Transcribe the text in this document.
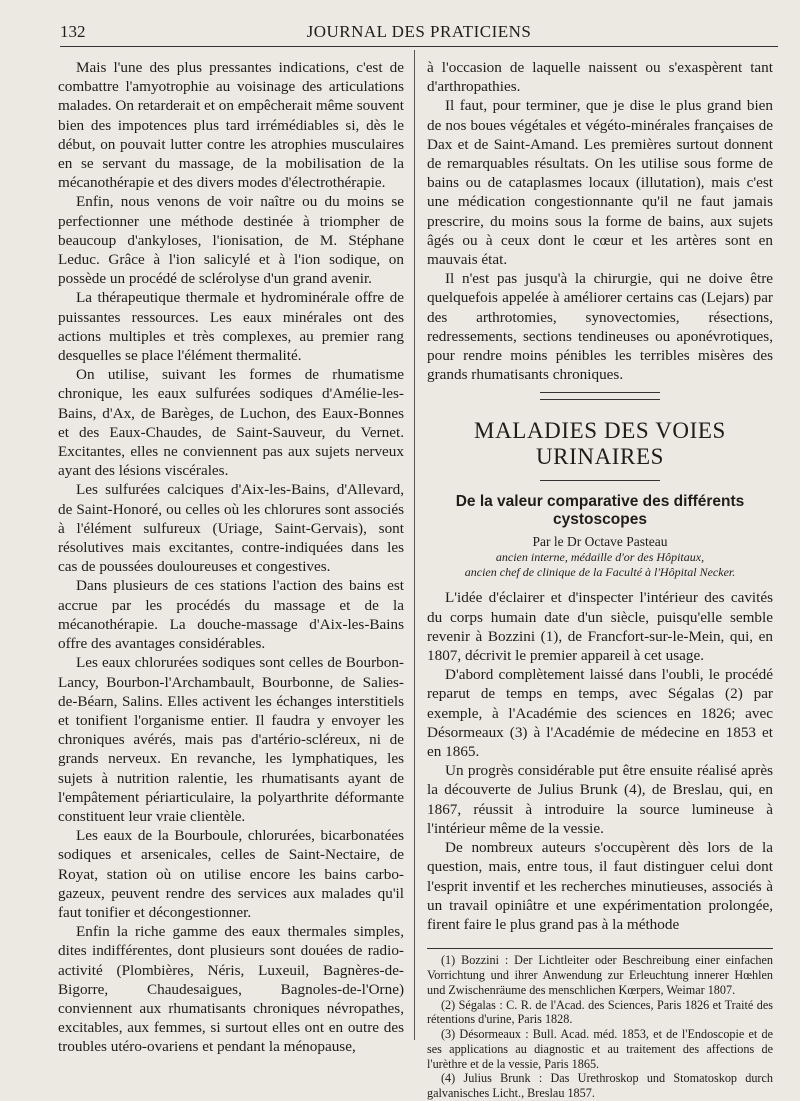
132	JOURNAL DES PRATICIENS

Mais l'une des plus pressantes indications, c'est de combattre l'amyotrophie au voisinage des articulations malades. On retarderait et on empêcherait même souvent bien des impotences plus tard irrémédiables si, dès le début, on pouvait lutter contre les atrophies musculaires en se servant du massage, de la mobilisation de la mécanothérapie et des divers modes d'électrothérapie.

Enfin, nous venons de voir naître ou du moins se perfectionner une méthode destinée à triompher de beaucoup d'ankyloses, l'ionisation, de M. Stéphane Leduc. Grâce à l'ion salicylé et à l'ion sodique, on possède un procédé de sclérolyse d'un grand avenir.

La thérapeutique thermale et hydrominérale offre de puissantes ressources. Les eaux minérales ont des actions multiples et très complexes, au premier rang desquelles se place l'élément thermalité.

On utilise, suivant les formes de rhumatisme chronique, les eaux sulfurées sodiques d'Amélie-les-Bains, d'Ax, de Barèges, de Luchon, des Eaux-Bonnes et des Eaux-Chaudes, de Saint-Sauveur, du Vernet. Excitantes, elles ne conviennent pas aux sujets nerveux ayant des lésions viscérales.

Les sulfurées calciques d'Aix-les-Bains, d'Allevard, de Saint-Honoré, ou celles où les chlorures sont associés à l'élément sulfureux (Uriage, Saint-Gervais), sont résolutives mais excitantes, contre-indiquées dans les cas de poussées douloureuses et congestives.

Dans plusieurs de ces stations l'action des bains est accrue par les procédés du massage et de la mécanothérapie. La douche-massage d'Aix-les-Bains offre des avantages considérables.

Les eaux chlorurées sodiques sont celles de Bourbon-Lancy, Bourbon-l'Archambault, Bourbonne, de Salies-de-Béarn, Salins. Elles activent les échanges interstitiels et tonifient l'organisme entier. Il faudra y envoyer les chroniques avérés, mais pas d'artério-scléreux, ni de grands nerveux. En revanche, les lymphatiques, les sujets à nutrition ralentie, les rhumatisants ayant de l'empâtement périarticulaire, la polyarthrite déformante constituent leur vraie clientèle.

Les eaux de la Bourboule, chlorurées, bicarbonatées sodiques et arsenicales, celles de Saint-Nectaire, de Royat, station où on utilise encore les bains carbo-gazeux, peuvent rendre des services aux malades qu'il faut tonifier et décongestionner.

Enfin la riche gamme des eaux thermales simples, dites indifférentes, dont plusieurs sont douées de radio-activité (Plombières, Néris, Luxeuil, Bagnères-de-Bigorre, Chaudesaigues, Bagnoles-de-l'Orne) conviennent aux rhumatisants chroniques névropathes, excitables, aux femmes, si surtout elles ont en outre des troubles utéro-ovariens et pendant la ménopause,

à l'occasion de laquelle naissent ou s'exaspèrent tant d'arthropathies.

Il faut, pour terminer, que je dise le plus grand bien de nos boues végétales et végéto-minérales françaises de Dax et de Saint-Amand. Les premières surtout donnent de remarquables résultats. On les utilise sous forme de bains ou de cataplasmes locaux (illutation), mais c'est une médication congestionnante qu'il ne faut jamais prescrire, du moins sous la forme de bains, aux sujets âgés ou à ceux dont le cœur et les artères sont en mauvais état.

Il n'est pas jusqu'à la chirurgie, qui ne doive être quelquefois appelée à améliorer certains cas (Lejars) par des arthrotomies, synovectomies, résections, redressements, sections tendineuses ou aponévrotiques, pour rendre moins pénibles les terribles misères des grands rhumatisants chroniques.

MALADIES DES VOIES URINAIRES
De la valeur comparative des différents cystoscopes
Par le Dr Octave Pasteau
ancien interne, médaille d'or des Hôpitaux,
ancien chef de clinique de la Faculté à l'Hôpital Necker.

L'idée d'éclairer et d'inspecter l'intérieur des cavités du corps humain date d'un siècle, puisqu'elle semble revenir à Bozzini (1), de Francfort-sur-le-Mein, qui, en 1807, décrivit le premier appareil à cet usage.

D'abord complètement laissé dans l'oubli, le procédé reparut de temps en temps, avec Ségalas (2) par exemple, à l'Académie des sciences en 1826; avec Désormeaux (3) à l'Académie de médecine en 1853 et en 1865.

Un progrès considérable put être ensuite réalisé après la découverte de Julius Brunk (4), de Breslau, qui, en 1867, réussit à introduire la source lumineuse à l'intérieur même de la vessie.

De nombreux auteurs s'occupèrent dès lors de la question, mais, entre tous, il faut distinguer celui dont l'esprit inventif et les recherches minutieuses, associés à un travail opiniâtre et une expérimentation prolongée, firent faire le plus grand pas à la méthode

(1) Bozzini : Der Lichtleiter oder Beschreibung einer einfachen Vorrichtung und ihrer Anwendung zur Erleuchtung innerer Hœhlen und Zwischenräume des menschlichen Kœrpers, Weimar 1807.

(2) Ségalas : C. R. de l'Acad. des Sciences, Paris 1826 et Traité des rétentions d'urine, Paris 1828.

(3) Désormeaux : Bull. Acad. méd. 1853, et de l'Endoscopie et de ses applications au diagnostic et au traitement des affections de l'urèthre et de la vessie, Paris 1865.

(4) Julius Brunk : Das Urethroskop und Stomatoskop durch galvanisches Licht., Breslau 1857.
